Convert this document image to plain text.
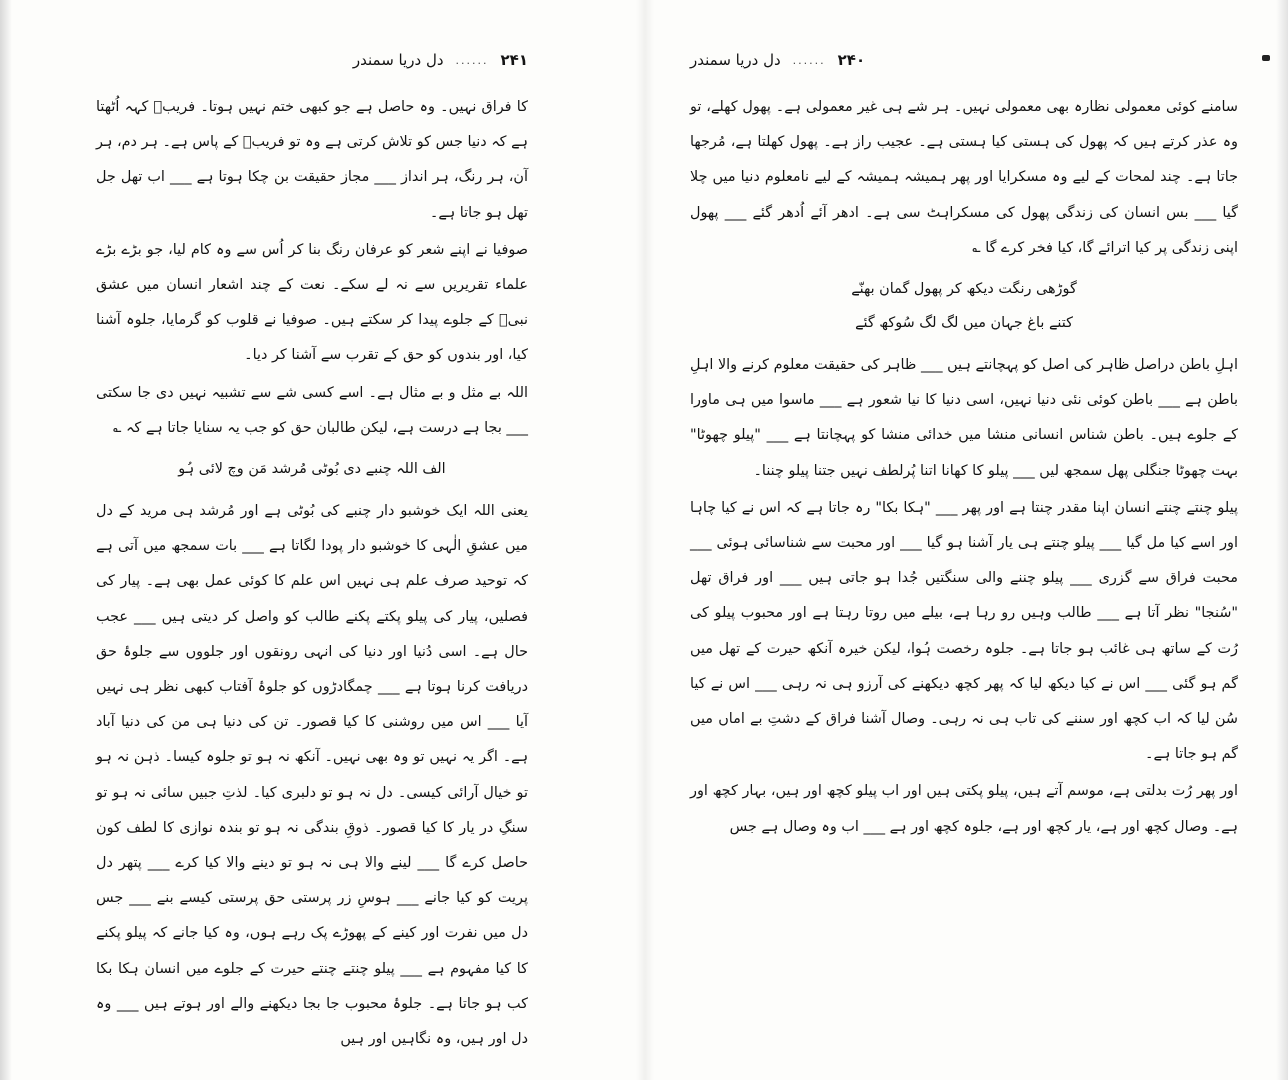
دل دریا سمندر ...... ۲۴۱

کا فراق نہیں۔ وہ حاصل ہے جو کبھی ختم نہیں ہوتا۔ فریبؔ کہہ اُٹھتا ہے کہ دنیا جس کو تلاش کرتی ہے وہ تو فریبؔ کے پاس ہے۔ ہر دم، ہر آن، ہر رنگ، ہر انداز ___ مجاز حقیقت بن چکا ہوتا ہے ___ اب تھل جل تھل ہو جاتا ہے۔

صوفیا نے اپنے شعر کو عرفان رنگ بنا کر اُس سے وہ کام لیا، جو بڑے بڑے علماء تقریریں سے نہ لے سکے۔ نعت کے چند اشعار انسان میں عشق نبیؐ کے جلوے پیدا کر سکتے ہیں۔ صوفیا نے قلوب کو گرمایا، جلوہ آشنا کیا، اور بندوں کو حق کے تقرب سے آشنا کر دیا۔

اللہ بے مثل و بے مثال ہے۔ اسے کسی شے سے تشبیہ نہیں دی جا سکتی ___ بجا ہے درست ہے، لیکن طالبان حق کو جب یہ سنایا جاتا ہے کہ ؎

الف اللہ چنبے دی بُوٹی مُرشد مَن وچ لائی ہُو

یعنی اللہ ایک خوشبو دار چنبے کی بُوٹی ہے اور مُرشد ہی مرید کے دل میں عشقِ الٰہی کا خوشبو دار پودا لگاتا ہے ___ بات سمجھ میں آتی ہے کہ توحید صرف علم ہی نہیں اس علم کا کوئی عمل بھی ہے۔ پیار کی فصلیں، پیار کی پیلو پکتے پکنے طالب کو واصل کر دیتی ہیں ___ عجب حال ہے۔ اسی دُنیا اور دنیا کی انہی رونقوں اور جلووں سے جلوۂ حق دریافت کرنا ہوتا ہے ___ چمگادڑوں کو جلوۂ آفتاب کبھی نظر ہی نہیں آیا ___ اس میں روشنی کا کیا قصور۔ تن کی دنیا ہی من کی دنیا آباد ہے۔ اگر یہ نہیں تو وہ بھی نہیں۔ آنکھ نہ ہو تو جلوہ کیسا۔ ذہن نہ ہو تو خیال آرائی کیسی۔ دل نہ ہو تو دلبری کیا۔ لذتِ جبیں سائی نہ ہو تو سنگِ در یار کا کیا قصور۔ ذوقِ بندگی نہ ہو تو بندہ نوازی کا لطف کون حاصل کرے گا ___ لینے والا ہی نہ ہو تو دینے والا کیا کرے ___ پتھر دل پریت کو کیا جانے ___ ہوسِ زر پرستی حق پرستی کیسے بنے ___ جس دل میں نفرت اور کینے کے پھوڑے پک رہے ہوں، وہ کیا جانے کہ پیلو پکنے کا کیا مفہوم ہے ___ پیلو چنتے چنتے حیرت کے جلوے میں انسان ہکا بکا کب ہو جاتا ہے۔ جلوۂ محبوب جا بجا دیکھنے والے اور ہوتے ہیں ___ وہ دل اور ہیں، وہ نگاہیں اور ہیں

۲۴۰
......
دل دریا سمندر

سامنے کوئی معمولی نظارہ بھی معمولی نہیں۔ ہر شے ہی غیر معمولی ہے۔ پھول کھلے، تو وہ عذر کرتے ہیں کہ پھول کی ہستی کیا ہستی ہے۔ عجیب راز ہے۔ پھول کھلتا ہے، مُرجھا جاتا ہے۔ چند لمحات کے لیے وہ مسکرایا اور پھر ہمیشہ ہمیشہ کے لیے نامعلوم دنیا میں چلا گیا ___ بس انسان کی زندگی پھول کی مسکراہٹ سی ہے۔ ادھر آئے اُدھر گئے ___ پھول اپنی زندگی پر کیا اترائے گا، کیا فخر کرے گا ؎

گوڑھی رنگت دیکھ کر پھول گمان بھنّے
کتنے باغ جہان میں لگ لگ سُوکھ گئے

اہلِ باطن دراصل ظاہر کی اصل کو پہچانتے ہیں ___ ظاہر کی حقیقت معلوم کرنے والا اہلِ باطن ہے ___ باطن کوئی نئی دنیا نہیں، اسی دنیا کا نیا شعور ہے ___ ماسوا میں ہی ماورا کے جلوے ہیں۔ باطن شناس انسانی منشا میں خدائی منشا کو پہچانتا ہے ___ "پیلو چھوٹا" بہت چھوٹا جنگلی پھل سمجھ لیں ___ پیلو کا کھانا اتنا پُرلطف نہیں جتنا پیلو چننا۔

پیلو چنتے چنتے انسان اپنا مقدر چنتا ہے اور پھر ___ "ہکا بکا" رہ جاتا ہے کہ اس نے کیا چاہا اور اسے کیا مل گیا ___ پیلو چنتے ہی یار آشنا ہو گیا ___ اور محبت سے شناسائی ہوئی ___ محبت فراق سے گزری ___ پیلو چننے والی سنگتیں جُدا ہو جاتی ہیں ___ اور فراق تھل "سُنجا" نظر آتا ہے ___ طالب وہیں رو رہا ہے، بیلے میں روتا رہتا ہے اور محبوب پیلو کی رُت کے ساتھ ہی غائب ہو جاتا ہے۔ جلوہ رخصت ہُوا، لیکن خیرہ آنکھ حیرت کے تھل میں گم ہو گئی ___ اس نے کیا دیکھ لیا کہ پھر کچھ دیکھنے کی آرزو ہی نہ رہی ___ اس نے کیا سُن لیا کہ اب کچھ اور سننے کی تاب ہی نہ رہی۔ وصال آشنا فراق کے دشتِ بے اماں میں گم ہو جاتا ہے۔

اور پھر رُت بدلتی ہے، موسم آتے ہیں، پیلو پکتی ہیں اور اب پیلو کچھ اور ہیں، بہار کچھ اور ہے۔ وصال کچھ اور ہے، یار کچھ اور ہے، جلوہ کچھ اور ہے ___ اب وہ وصال ہے جس
